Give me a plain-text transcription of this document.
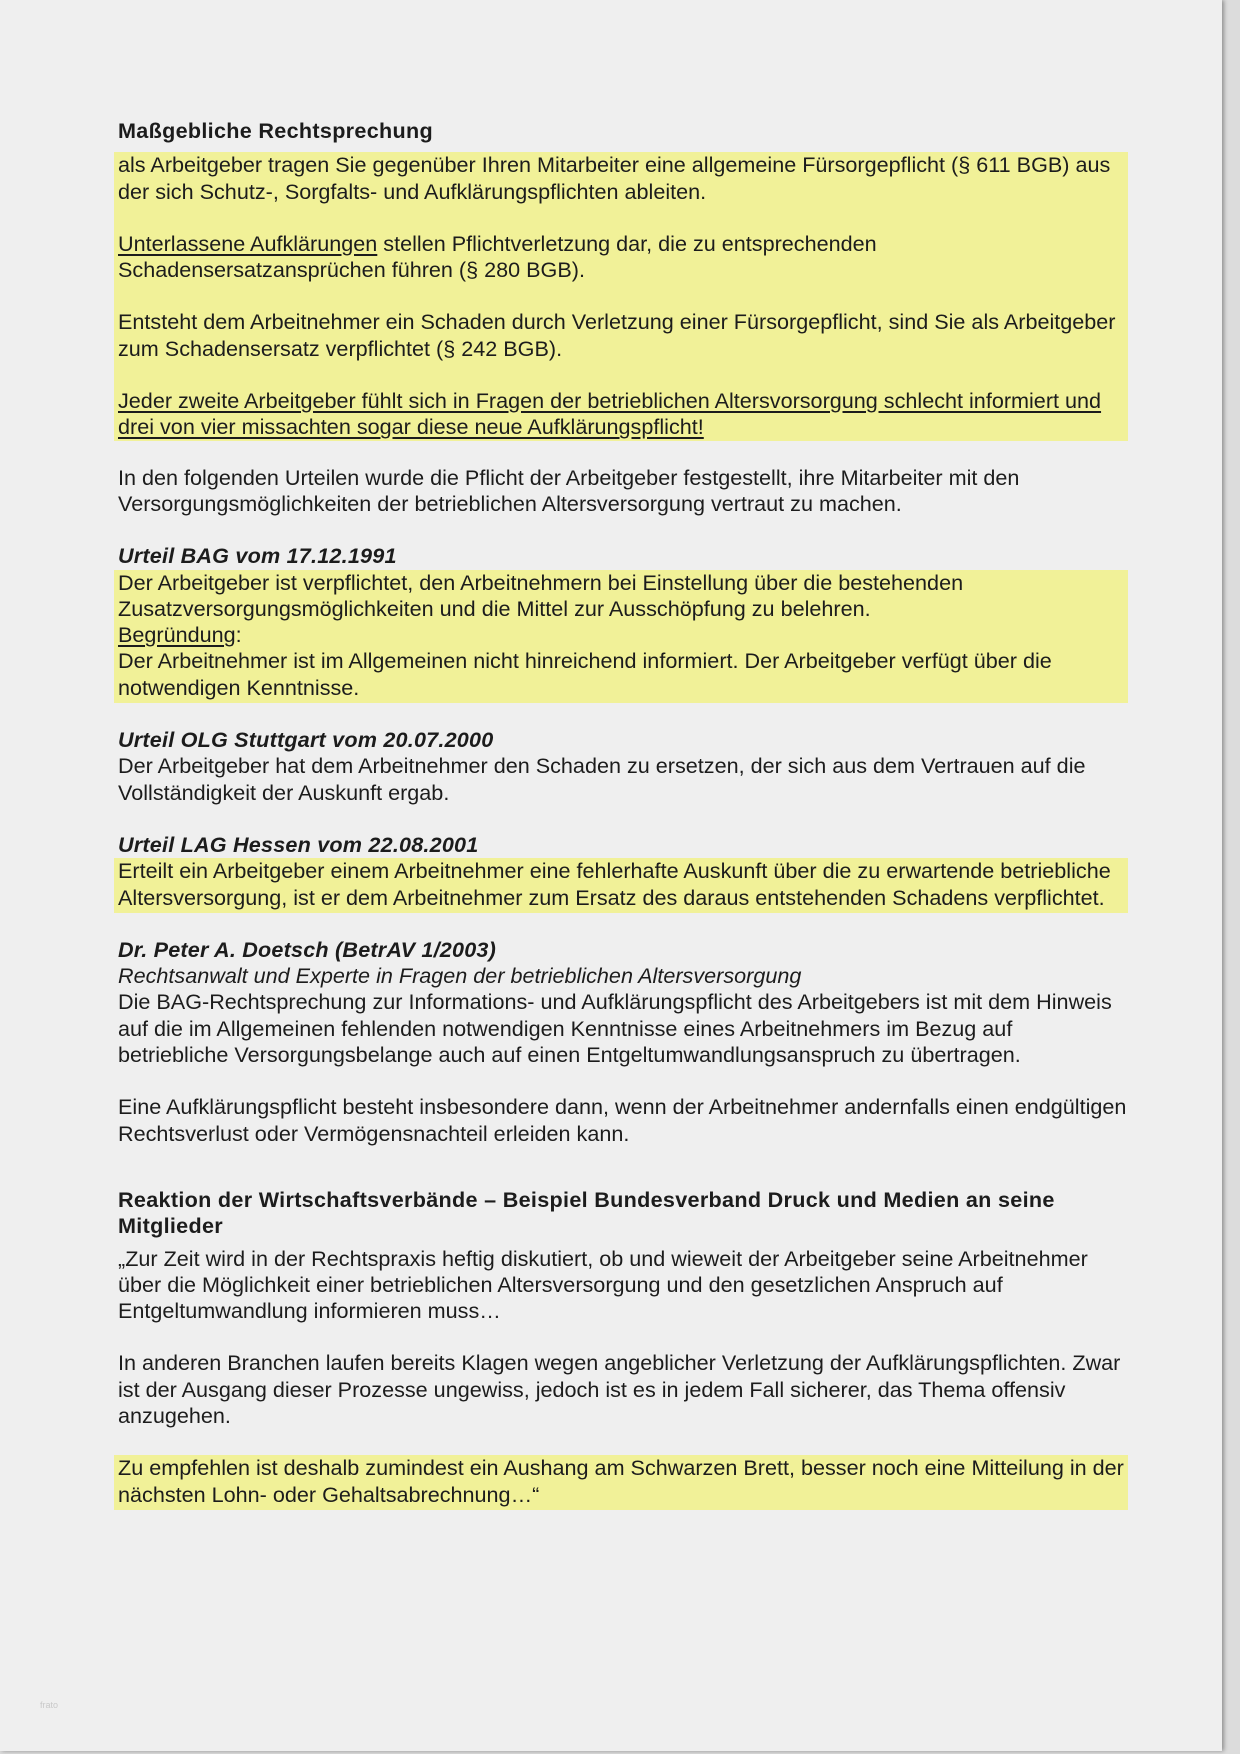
Maßgebliche Rechtsprechung

als Arbeitgeber tragen Sie gegenüber Ihren Mitarbeiter eine allgemeine Fürsorgepflicht (§ 611 BGB) aus der sich Schutz-, Sorgfalts- und Aufklärungspflichten ableiten.

Unterlassene Aufklärungen stellen Pflichtverletzung dar, die zu entsprechenden Schadensersatzansprüchen führen (§ 280 BGB).

Entsteht dem Arbeitnehmer ein Schaden durch Verletzung einer Fürsorgepflicht, sind Sie als Arbeitgeber zum Schadensersatz verpflichtet (§ 242 BGB).

Jeder zweite Arbeitgeber fühlt sich in Fragen der betrieblichen Altersvorsorgung schlecht informiert und drei von vier missachten sogar diese neue Aufklärungspflicht!

In den folgenden Urteilen wurde die Pflicht der Arbeitgeber festgestellt, ihre Mitarbeiter mit den Versorgungsmöglichkeiten der betrieblichen Altersversorgung vertraut zu machen.

Urteil BAG vom 17.12.1991

Der Arbeitgeber ist verpflichtet, den Arbeitnehmern bei Einstellung über die bestehenden Zusatzversorgungsmöglichkeiten und die Mittel zur Ausschöpfung zu belehren.

Begründung:

Der Arbeitnehmer ist im Allgemeinen nicht hinreichend informiert. Der Arbeitgeber verfügt über die notwendigen Kenntnisse.

Urteil OLG Stuttgart vom 20.07.2000

Der Arbeitgeber hat dem Arbeitnehmer den Schaden zu ersetzen, der sich aus dem Vertrauen auf die Vollständigkeit der Auskunft ergab.

Urteil LAG Hessen vom 22.08.2001

Erteilt ein Arbeitgeber einem Arbeitnehmer eine fehlerhafte Auskunft über die zu erwartende betriebliche Altersversorgung, ist er dem Arbeitnehmer zum Ersatz des daraus entstehenden Schadens verpflichtet.

Dr. Peter A. Doetsch (BetrAV 1/2003)

Rechtsanwalt und Experte in Fragen der betrieblichen Altersversorgung

Die BAG-Rechtsprechung zur Informations- und Aufklärungspflicht des Arbeitgebers ist mit dem Hinweis auf die im Allgemeinen fehlenden notwendigen Kenntnisse eines Arbeitnehmers im Bezug auf betriebliche Versorgungsbelange auch auf einen Entgeltumwandlungsanspruch zu übertragen.

Eine Aufklärungspflicht besteht insbesondere dann, wenn der Arbeitnehmer andernfalls einen endgültigen Rechtsverlust oder Vermögensnachteil erleiden kann.

Reaktion der Wirtschaftsverbände – Beispiel Bundesverband Druck und Medien an seine Mitglieder

„Zur Zeit wird in der Rechtspraxis heftig diskutiert, ob und wieweit der Arbeitgeber seine Arbeitnehmer über die Möglichkeit einer betrieblichen Altersversorgung und den gesetzlichen Anspruch auf Entgeltumwandlung informieren muss…

In anderen Branchen laufen bereits Klagen wegen angeblicher Verletzung der Aufklärungspflichten. Zwar ist der Ausgang dieser Prozesse ungewiss, jedoch ist es in jedem Fall sicherer, das Thema offensiv anzugehen.

Zu empfehlen ist deshalb zumindest ein Aushang am Schwarzen Brett, besser noch eine Mitteilung in der nächsten Lohn- oder Gehaltsabrechnung…“

frato
